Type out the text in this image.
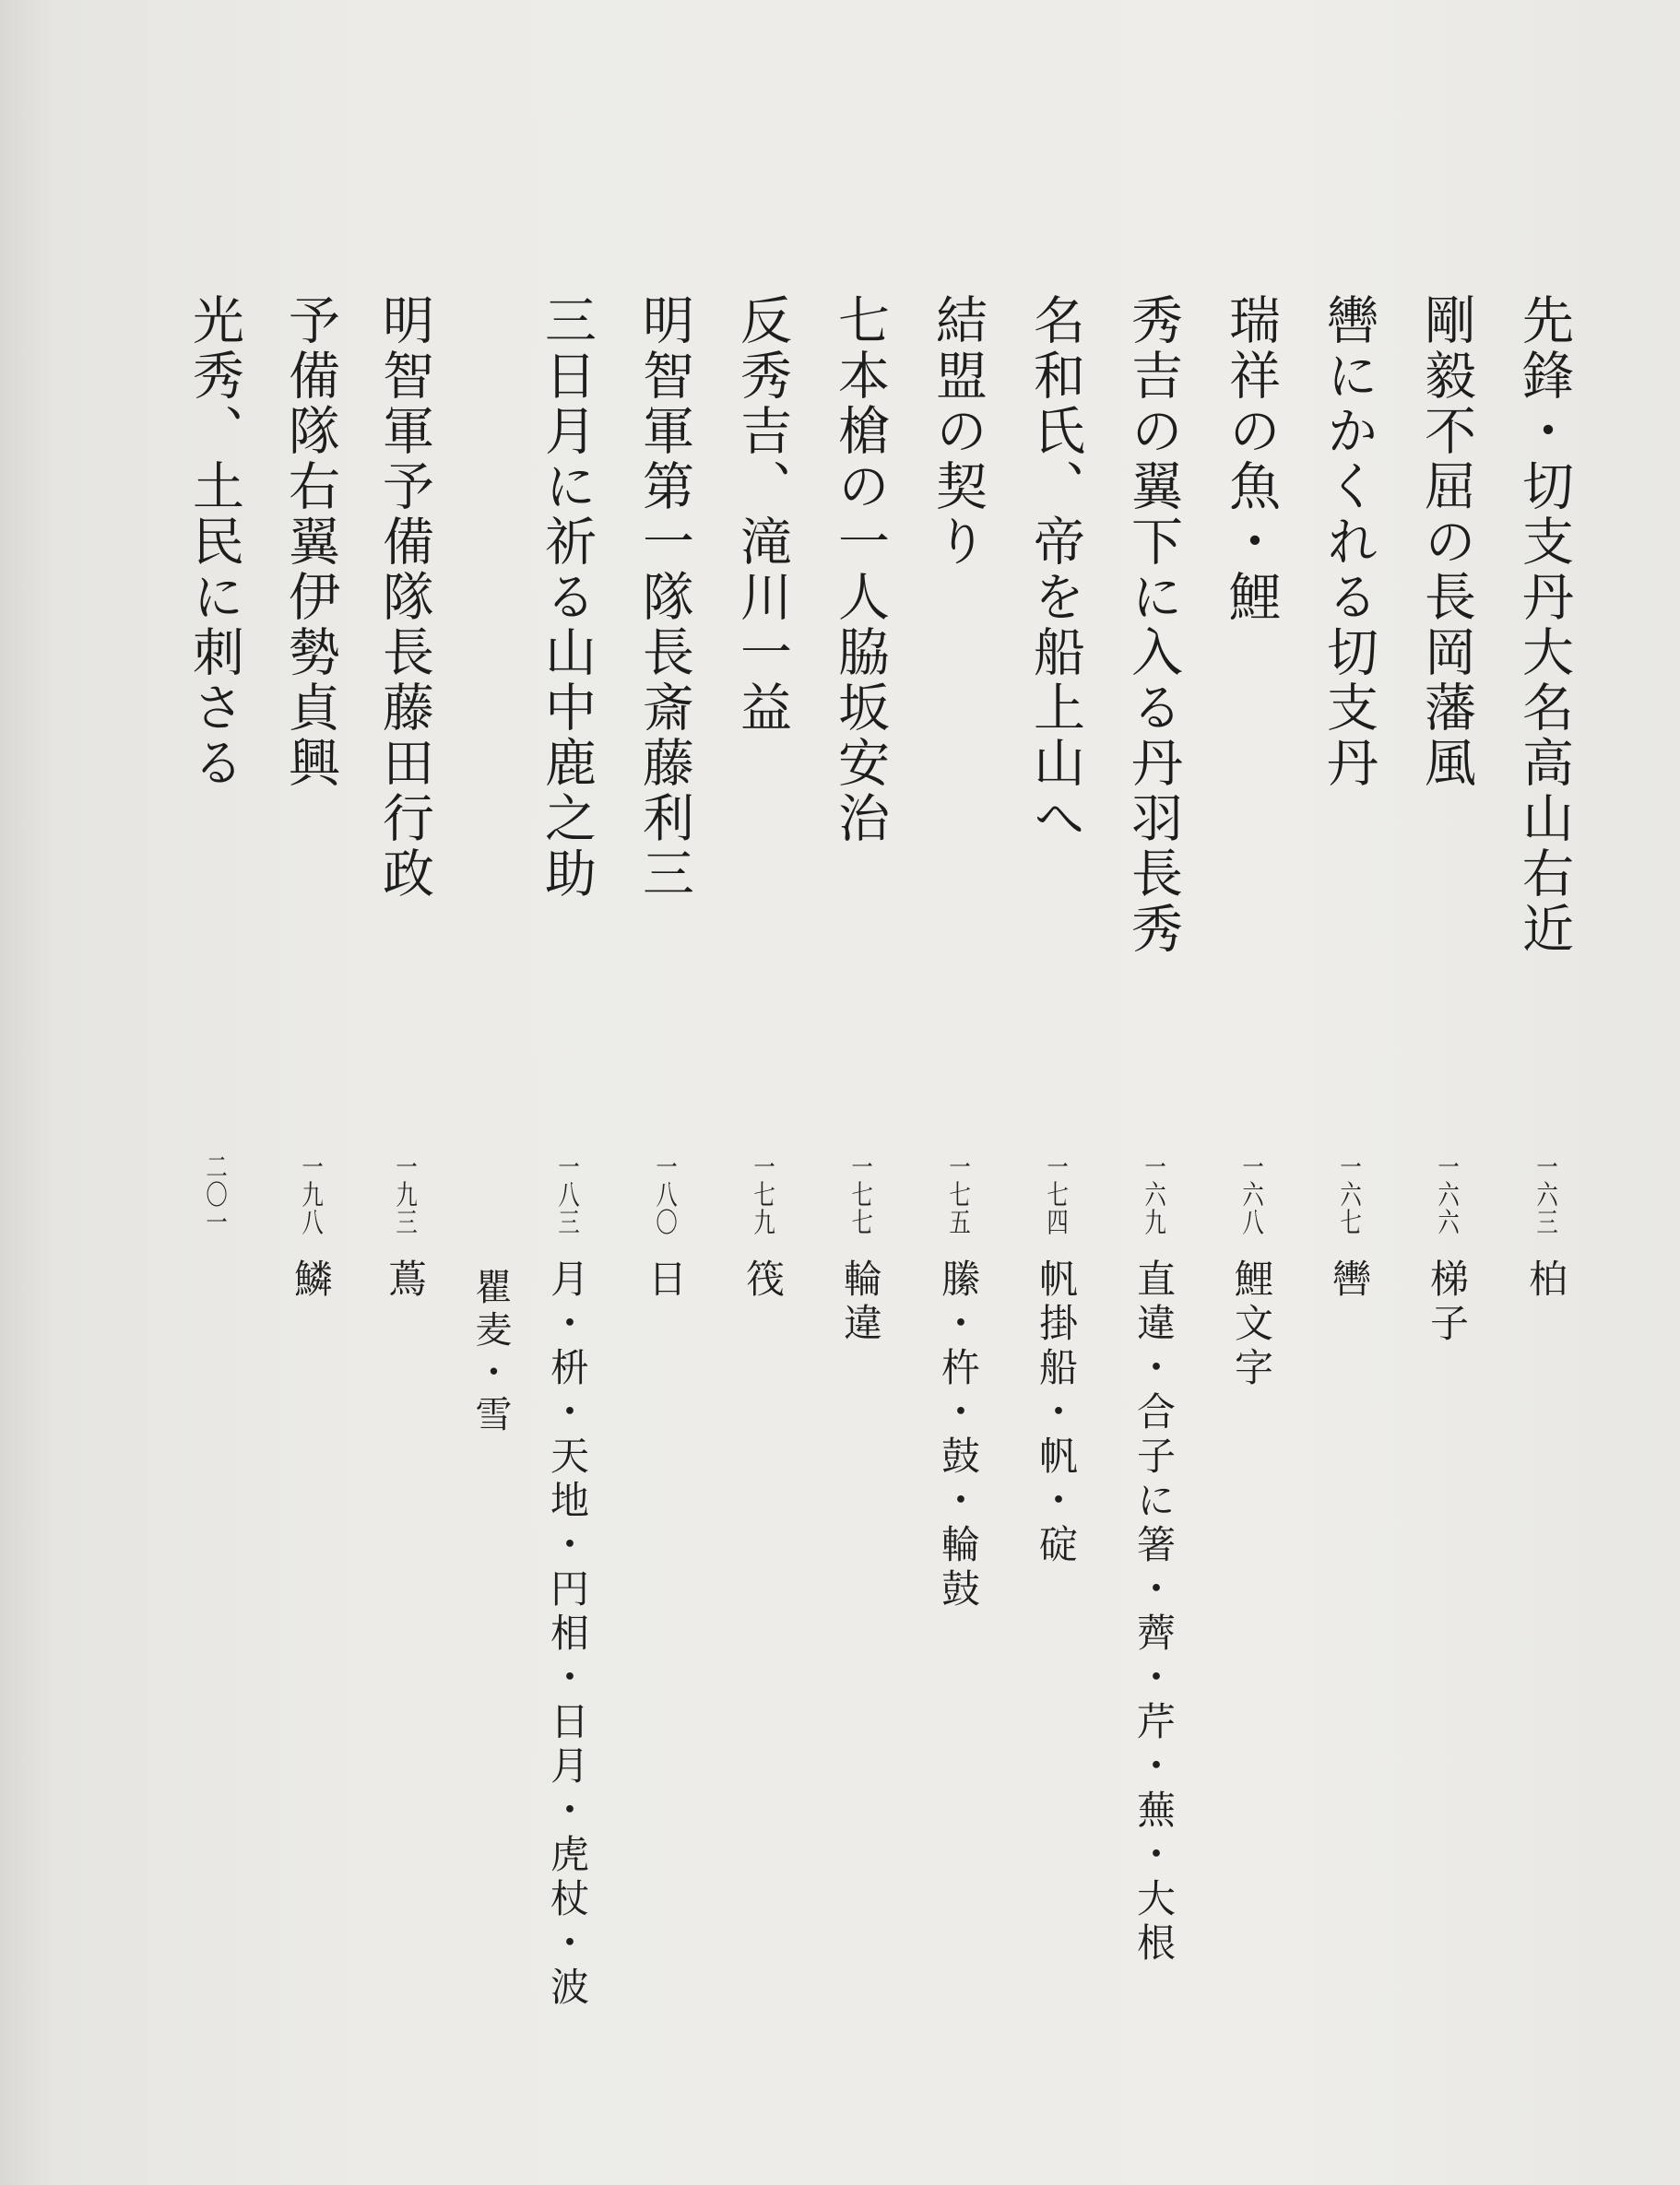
先鋒・切支丹大名高山右近
一六三
柏
剛毅不屈の長岡藩風
一六六
梯子
轡にかくれる切支丹
一六七
轡
瑞祥の魚・鯉
一六八
鯉文字
秀吉の翼下に入る丹羽長秀
一六九
直違・合子に箸・薺・芹・蕪・大根
名和氏、帝を船上山へ
一七四
帆掛船・帆・碇
結盟の契り
一七五
縢・杵・鼓・輪鼓
七本槍の一人脇坂安治
一七七
輪違
反秀吉、滝川一益
一七九
筏
明智軍第一隊長斎藤利三
一八〇
日
三日月に祈る山中鹿之助
一八三
月・枡・天地・円相・日月・虎杖・波
瞿麦・雪
明智軍予備隊長藤田行政
一九三
蔦
予備隊右翼伊勢貞興
一九八
鱗
光秀、土民に刺さる
二〇一
